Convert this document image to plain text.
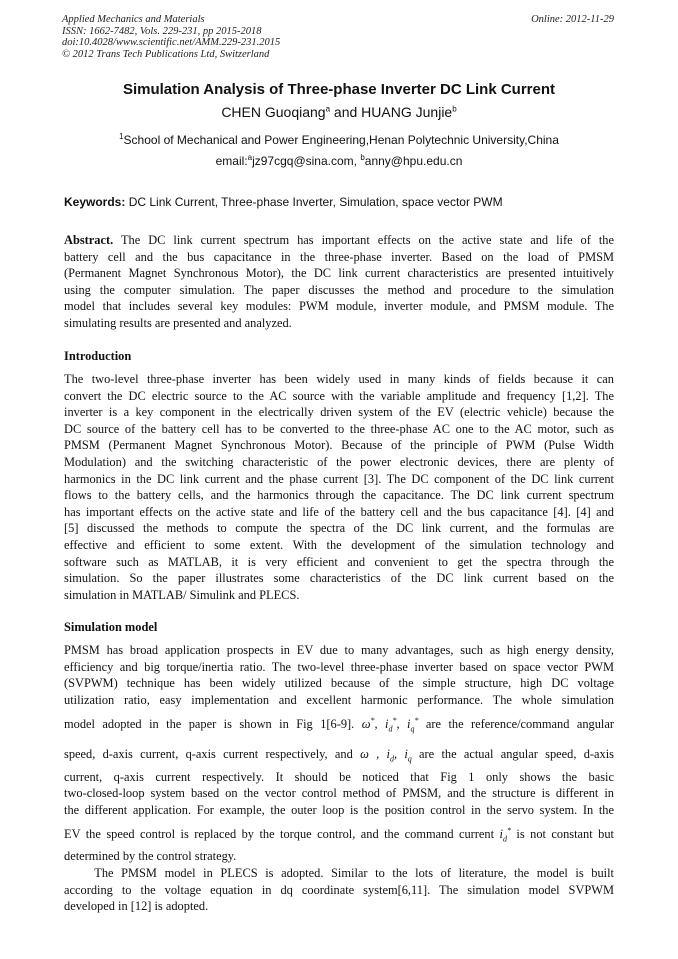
Applied Mechanics and Materials
ISSN: 1662-7482, Vols. 229-231, pp 2015-2018
doi:10.4028/www.scientific.net/AMM.229-231.2015
© 2012 Trans Tech Publications Ltd, Switzerland
Online: 2012-11-29
Simulation Analysis of Three-phase Inverter DC Link Current
CHEN Guoqiang$^a$ and HUANG Junjie$^b$
$^1$School of Mechanical and Power Engineering,Henan Polytechnic University,China
email:$^a$jz97cgq@sina.com, $^b$anny@hpu.edu.cn
Keywords: DC Link Current, Three-phase Inverter, Simulation, space vector PWM
Abstract. The DC link current spectrum has important effects on the active state and life of the
battery cell and the bus capacitance in the three-phase inverter. Based on the load of PMSM
(Permanent Magnet Synchronous Motor), the DC link current characteristics are presented intuitively
using the computer simulation. The paper discusses the method and procedure to the simulation
model that includes several key modules: PWM module, inverter module, and PMSM module. The
simulating results are presented and analyzed.
Introduction
The two-level three-phase inverter has been widely used in many kinds of fields because it can
convert the DC electric source to the AC source with the variable amplitude and frequency [1,2]. The
inverter is a key component in the electrically driven system of the EV (electric vehicle) because the
DC source of the battery cell has to be converted to the three-phase AC one to the AC motor, such as
PMSM (Permanent Magnet Synchronous Motor). Because of the principle of PWM (Pulse Width
Modulation) and the switching characteristic of the power electronic devices, there are plenty of
harmonics in the DC link current and the phase current [3]. The DC component of the DC link current
flows to the battery cells, and the harmonics through the capacitance. The DC link current spectrum
has important effects on the active state and life of the battery cell and the bus capacitance [4]. [4] and
[5] discussed the methods to compute the spectra of the DC link current, and the formulas are
effective and efficient to some extent. With the development of the simulation technology and
software such as MATLAB, it is very efficient and convenient to get the spectra through the
simulation. So the paper illustrates some characteristics of the DC link current based on the
simulation in MATLAB/ Simulink and PLECS.
Simulation model
PMSM has broad application prospects in EV due to many advantages, such as high energy density,
efficiency and big torque/inertia ratio. The two-level three-phase inverter based on space vector PWM
(SVPWM) technique has been widely utilized because of the simple structure, high DC voltage
utilization ratio, easy implementation and excellent harmonic performance. The whole simulation
model adopted in the paper is shown in Fig 1[6-9]. ω*, $i_d^*$, $i_q^*$ are the reference/command angular
speed, d-axis current, q-axis current respectively, and ω , $i_d$, $i_q$ are the actual angular speed, d-axis
current, q-axis current respectively. It should be noticed that Fig 1 only shows the basic
two-closed-loop system based on the vector control method of PMSM, and the structure is different in
the different application. For example, the outer loop is the position control in the servo system. In the
EV the speed control is replaced by the torque control, and the command current $i_d^*$ is not constant but
determined by the control strategy.
The PMSM model in PLECS is adopted. Similar to the lots of literature, the model is built
according to the voltage equation in dq coordinate system[6,11]. The simulation model SVPWM
developed in [12] is adopted.
